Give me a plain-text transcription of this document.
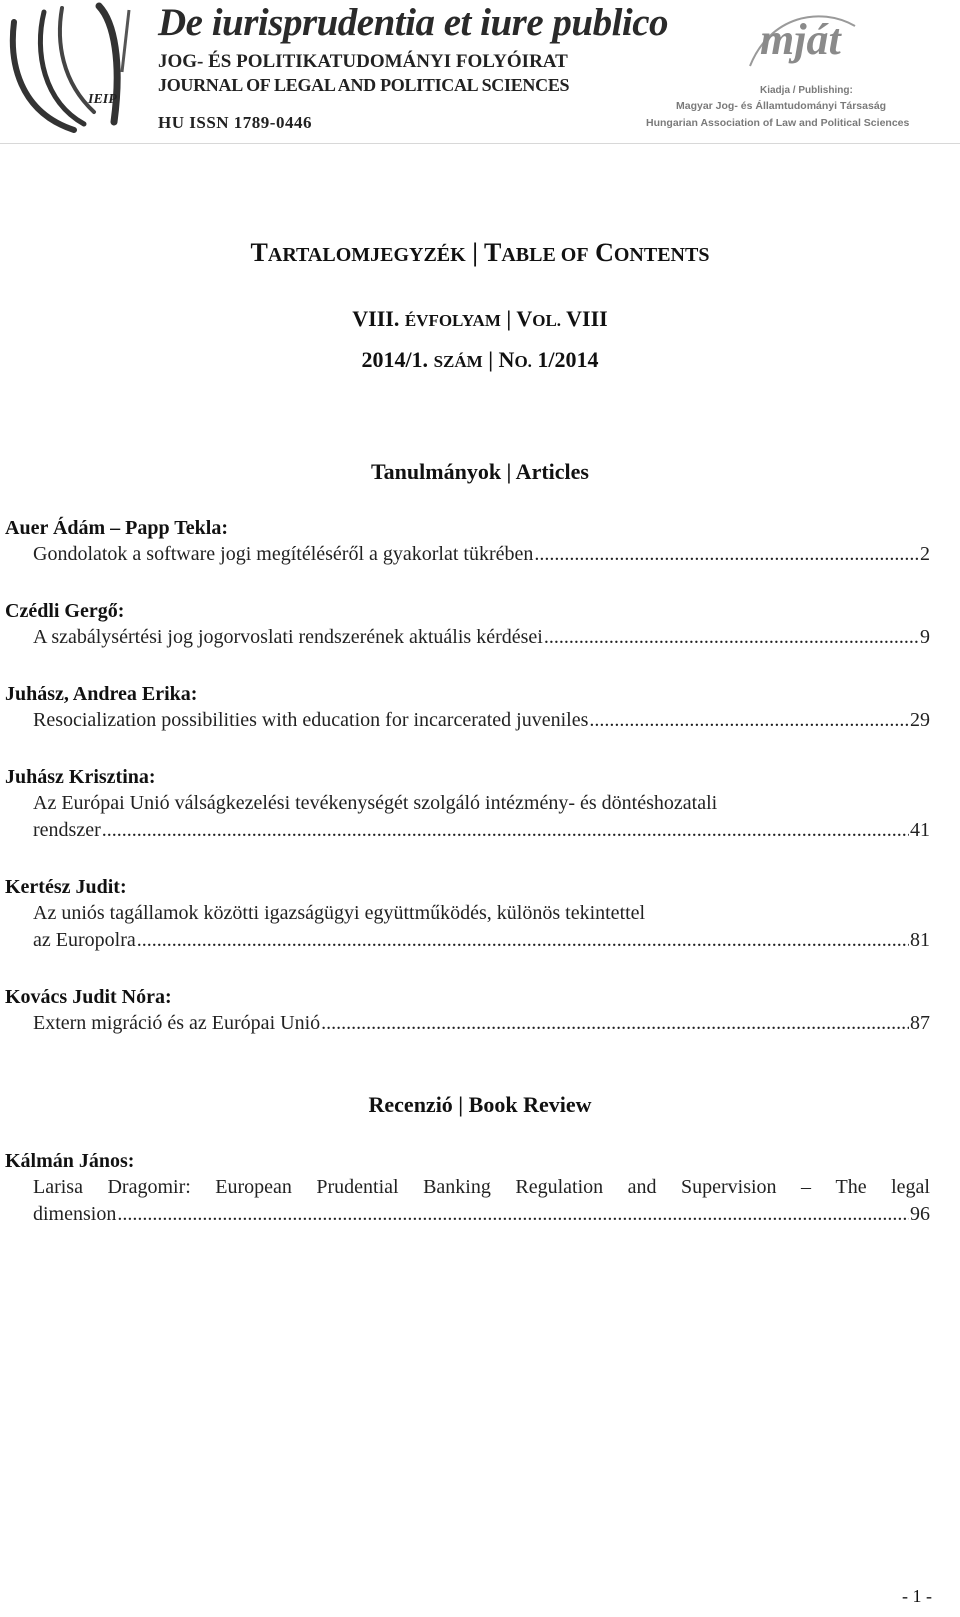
IEIP
De iurisprudentia et iure publico
JOG- ÉS POLITIKATUDOMÁNYI FOLYÓIRAT
JOURNAL OF LEGAL AND POLITICAL SCIENCES
HU ISSN 1789-0446
mját
Kiadja / Publishing:
Magyar Jog- és Államtudományi Társaság
Hungarian Association of Law and Political Sciences
TARTALOMJEGYZÉK | TABLE OF CONTENTS
VIII. ÉVFOLYAM | VOL. VIII
2014/1. SZÁM | NO. 1/2014
Tanulmányok | Articles
Auer Ádám – Papp Tekla:
Gondolatok a software jogi megítéléséről a gyakorlat tükrében .....	2
Czédli Gergő:
A szabálysértési jog jogorvoslati rendszerének aktuális kérdései .....	9
Juhász, Andrea Erika:
Resocialization possibilities with education for incarcerated juveniles .....	29
Juhász Krisztina:
Az Európai Unió válságkezelési tevékenységét szolgáló intézmény- és döntéshozatali
rendszer .....	41
Kertész Judit:
Az uniós tagállamok közötti igazságügyi együttműködés, különös tekintettel
az Europolra .....	81
Kovács Judit Nóra:
Extern migráció és az Európai Unió .....	87
Recenzió | Book Review
Kálmán János:
Larisa Dragomir: European Prudential Banking Regulation and Supervision – The legal
dimension .....	96
- 1 -
